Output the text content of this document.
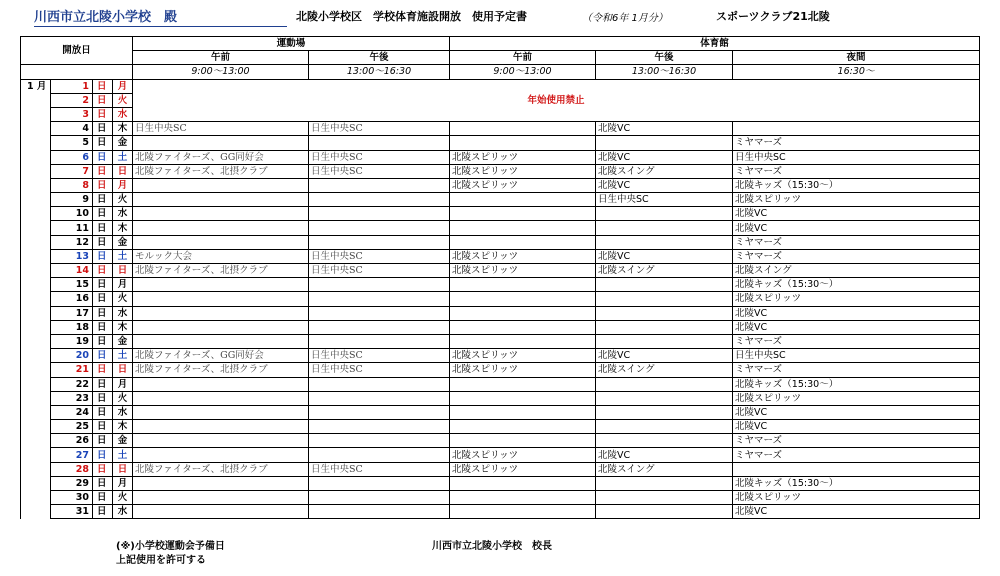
川西市立北陵小学校　殿	北陵小学校区　学校体育施設開放　使用予定書	（令和6年 1月分）	スポーツクラブ21北陵
開放日				運動場		体育館		
				午前	午後	午前	午後	夜間
				9:00〜13:00	13:00〜16:30	9:00〜13:00	13:00〜16:30	16:30〜
1 月	1	日	月	年始使用禁止				
	2	日	火					
	3	日	水					
	4	日	木	日生中央SC	日生中央SC		北陵VC	
	5	日	金					ミヤマーズ
	6	日	土	北陵ファイターズ、GG同好会	日生中央SC	北陵スピリッツ	北陵VC	日生中央SC
	7	日	日	北陵ファイターズ、北摂クラブ	日生中央SC	北陵スピリッツ	北陵スイング	ミヤマーズ
	8	日	月			北陵スピリッツ	北陵VC	北陵キッズ（15:30〜）
	9	日	火				日生中央SC	北陵スピリッツ
	10	日	水					北陵VC
	11	日	木					北陵VC
	12	日	金					ミヤマーズ
	13	日	土	モルック大会	日生中央SC	北陵スピリッツ	北陵VC	ミヤマーズ
	14	日	日	北陵ファイターズ、北摂クラブ	日生中央SC	北陵スピリッツ	北陵スイング	北陵スイング
	15	日	月					北陵キッズ（15:30〜）
	16	日	火					北陵スピリッツ
	17	日	水					北陵VC
	18	日	木					北陵VC
	19	日	金					ミヤマーズ
	20	日	土	北陵ファイターズ、GG同好会	日生中央SC	北陵スピリッツ	北陵VC	日生中央SC
	21	日	日	北陵ファイターズ、北摂クラブ	日生中央SC	北陵スピリッツ	北陵スイング	ミヤマーズ
	22	日	月					北陵キッズ（15:30〜）
	23	日	火					北陵スピリッツ
	24	日	水					北陵VC
	25	日	木					北陵VC
	26	日	金					ミヤマーズ
	27	日	土			北陵スピリッツ	北陵VC	ミヤマーズ
	28	日	日	北陵ファイターズ、北摂クラブ	日生中央SC	北陵スピリッツ	北陵スイング	
	29	日	月					北陵キッズ（15:30〜）
	30	日	火					北陵スピリッツ
	31	日	水					北陵VC
(※)小学校運動会予備日
上記使用を許可する
川西市立北陵小学校　校長
